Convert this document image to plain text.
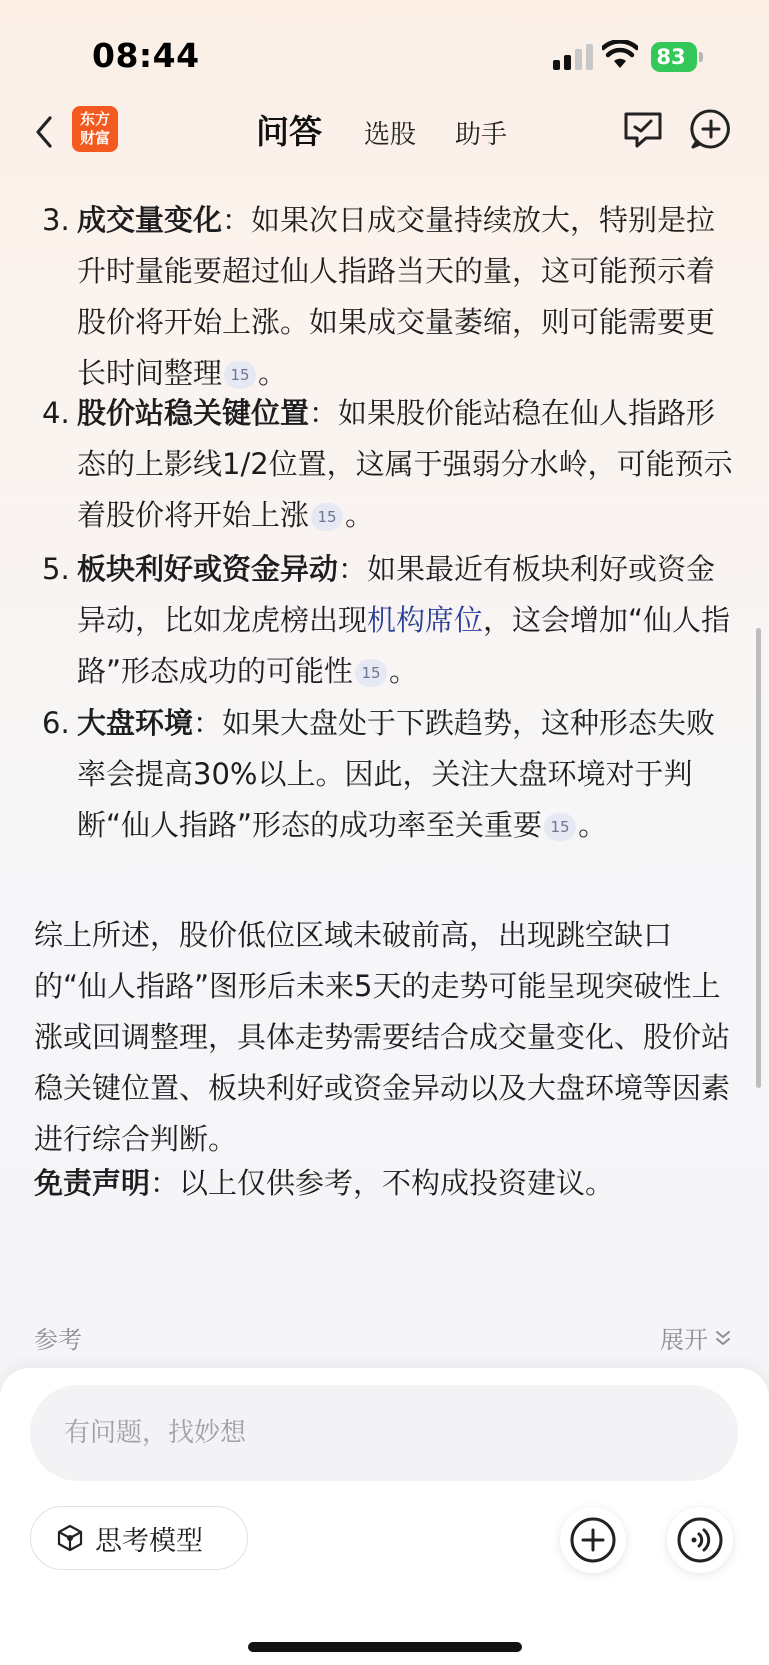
08:44	83
东方
财富	问答 选股 助手
3. 成交量变化：如果次日成交量持续放大，特别是拉升时量能要超过仙人指路当天的量，这可能预示着股价将开始上涨。如果成交量萎缩，则可能需要更长时间整理 15 。
4. 股价站稳关键位置：如果股价能站稳在仙人指路形态的上影线1/2位置，这属于强弱分水岭，可能预示着股价将开始上涨 15 。
5. 板块利好或资金异动：如果最近有板块利好或资金异动，比如龙虎榜出现机构席位，这会增加“仙人指路”形态成功的可能性 15 。
6. 大盘环境：如果大盘处于下跌趋势，这种形态失败率会提高30%以上。因此，关注大盘环境对于判断“仙人指路”形态的成功率至关重要 15 。
综上所述，股价低位区域未破前高，出现跳空缺口的“仙人指路”图形后未来5天的走势可能呈现突破性上涨或回调整理，具体走势需要结合成交量变化、股价站稳关键位置、板块利好或资金异动以及大盘环境等因素进行综合判断。
免责声明：以上仅供参考，不构成投资建议。
参考	展开
有问题，找妙想
思考模型
